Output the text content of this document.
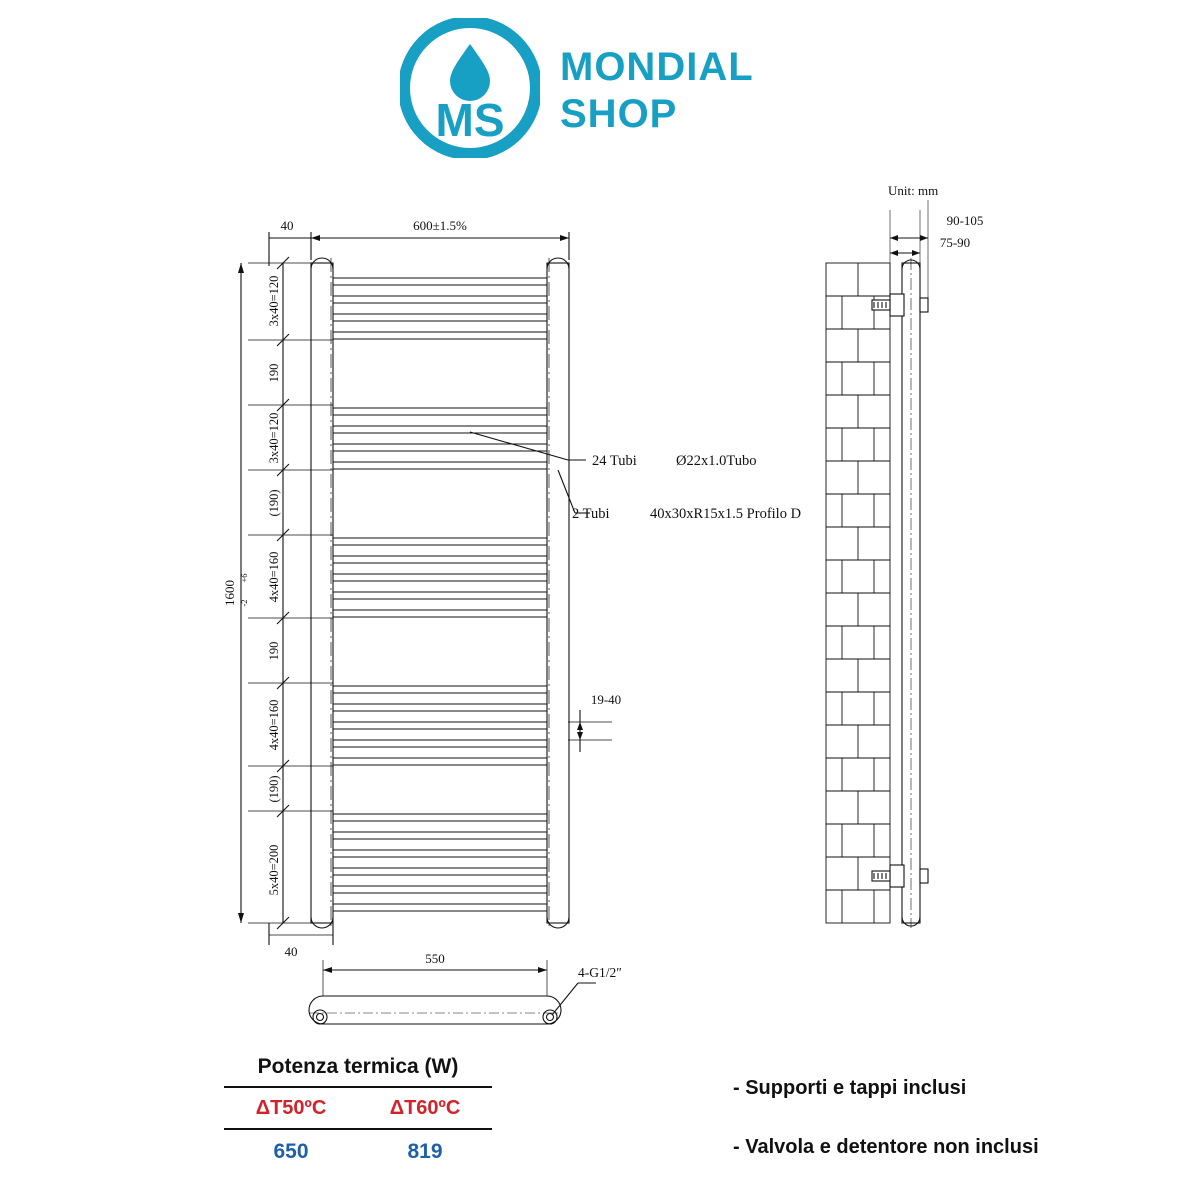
MS
MONDIAL
SHOP
600±1.5%
40
3x40=120
190
3x40=120
(190)
4x40=160
190
4x40=160
(190)
5x40=200
1600
+6
-2
40
24 Tubi	Ø22x1.0Tubo
2 Tubi	40x30xR15x1.5 Profilo D
19-40
550
4-G1/2″
90-105
75-90
Unit: mm
Potenza termica (W)
ΔT50ºC	ΔT60ºC
650	819
- Supporti e tappi inclusi
- Valvola e detentore non inclusi
